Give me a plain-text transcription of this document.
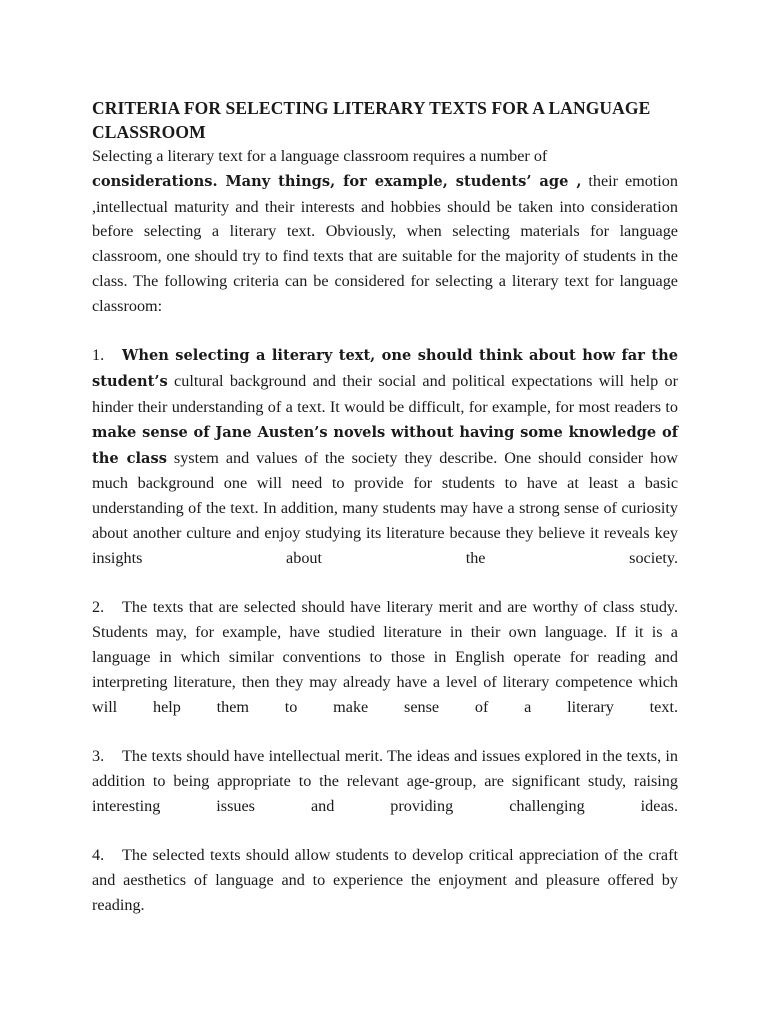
CRITERIA FOR SELECTING LITERARY TEXTS FOR A LANGUAGE
CLASSROOM

Selecting a literary text for a language classroom requires a number of
considerations. Many things, for example, students’ age , their emotion ,intellectual maturity and their interests and hobbies should be taken into consideration before selecting a literary text. Obviously, when selecting materials for language classroom, one should try to find texts that are suitable for the majority of students in the class. The following criteria can be considered for selecting a literary text for language classroom:

1. When selecting a literary text, one should think about how far the student’s cultural background and their social and political expectations will help or hinder their understanding of a text. It would be difficult, for example, for most readers to make sense of Jane Austen’s novels without having some knowledge of the class system and values of the society they describe. One should consider how much background one will need to provide for students to have at least a basic understanding of the text. In addition, many students may have a strong sense of curiosity about another culture and enjoy studying its literature because they believe it reveals key insights about the society.

2. The texts that are selected should have literary merit and are worthy of class study. Students may, for example, have studied literature in their own language. If it is a language in which similar conventions to those in English operate for reading and interpreting literature, then they may already have a level of literary competence which will help them to make sense of a literary text.

3. The texts should have intellectual merit. The ideas and issues explored in the texts, in addition to being appropriate to the relevant age-group, are significant study, raising interesting issues and providing challenging ideas.

4. The selected texts should allow students to develop critical appreciation of the craft and aesthetics of language and to experience the enjoyment and pleasure offered by reading.
